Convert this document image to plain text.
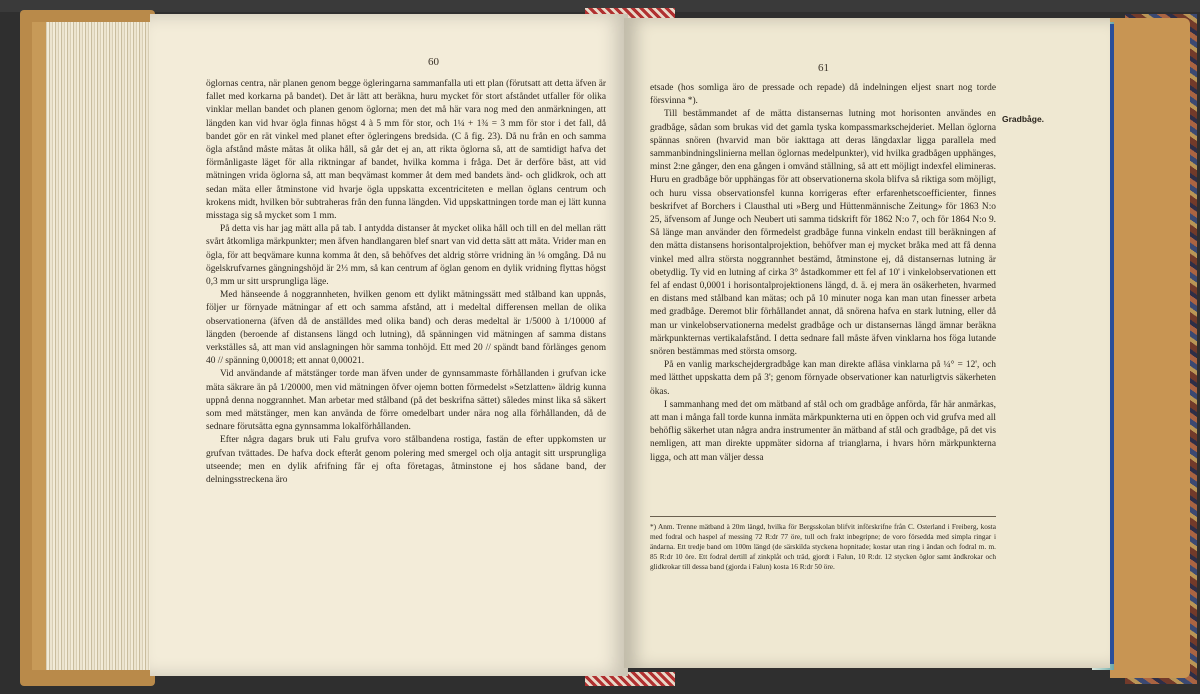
60

öglornas centra, när planen genom begge ögleringarna sammanfalla uti ett plan (förutsatt att detta äfven är fallet med korkarna på bandet). Det är lätt att beräkna, huru mycket för stort afståndet utfaller för olika vinklar mellan bandet och planen genom öglorna; men det må här vara nog med den anmärkningen, att längden kan vid hvar ögla finnas högst 4 à 5 mm för stor, och 1¼ + 1¾ = 3 mm för stor i det fall, då bandet gör en rät vinkel med planet efter ögleringens bredsida. (C å fig. 23). Då nu från en och samma ögla afstånd måste mätas åt olika håll, så går det ej an, att rikta öglorna så, att de samtidigt hafva det förmånligaste läget för alla riktningar af bandet, hvilka komma i fråga. Det är derföre bäst, att vid mätningen vrida öglorna så, att man beqvämast kommer åt dem med bandets änd- och glidkrok, och att sedan mäta eller åtminstone vid hvarje ögla uppskatta excentriciteten e mellan öglans centrum och krokens midt, hvilken bör subtraheras från den funna längden. Vid uppskattningen torde man ej lätt kunna misstaga sig så mycket som 1 mm.

På detta vis har jag mätt alla på tab. I antydda distanser åt mycket olika håll och till en del mellan rätt svårt åtkomliga märkpunkter; men äfven handlangaren blef snart van vid detta sätt att mäta. Vrider man en ögla, för att beqvämare kunna komma åt den, så behöfves det aldrig större vridning än ⅛ omgång. Då nu ögelskrufvarnes gängningshöjd är 2⅓ mm, så kan centrum af öglan genom en dylik vridning flyttas högst 0,3 mm ur sitt ursprungliga läge.

Med hänseende å noggrannheten, hvilken genom ett dylikt mätningssätt med stålband kan uppnås, följer ur förnyade mätningar af ett och samma afstånd, att i medeltal differensen mellan de olika observationerna (äfven då de anställdes med olika band) och deras medeltal är 1/5000 à 1/10000 af längden (beroende af distansens längd och lutning), då spänningen vid mätningen af samma distans verkställes så, att man vid anslagningen hör samma tonhöjd. Ett med 20 // spändt band förlänges genom 40 // spänning 0,00018; ett annat 0,00021.

Vid användande af mätstänger torde man äfven under de gynnsammaste förhållanden i grufvan icke mäta säkrare än på 1/20000, men vid mätningen öfver ojemn botten förmedelst »Setzlatten» äldrig kunna uppnå denna noggrannhet. Man arbetar med stålband (på det beskrifna sättet) således minst lika så säkert som med mätstänger, men kan använda de förre omedelbart under nära nog alla förhållanden, då de sednare förutsätta egna gynnsamma lokalförhållanden.

Efter några dagars bruk uti Falu grufva voro stålbandena rostiga, fastän de efter uppkomsten ur grufvan tvättades. De hafva dock efteråt genom polering med smergel och olja antagit sitt ursprungliga utseende; men en dylik afrifning får ej ofta företagas, åtminstone ej hos sådane band, der delningsstreckena äro

61
Gradbåge.

etsade (hos somliga äro de pressade och repade) då indelningen eljest snart nog torde försvinna *).

Till bestämmandet af de mätta distansernas lutning mot horisonten användes en gradbåge, sådan som brukas vid det gamla tyska kompassmarkschejderiet. Mellan öglorna spännas snören (hvarvid man bör iakttaga att deras längdaxlar ligga parallela med sammanbindningslinierna mellan öglornas medelpunkter), vid hvilka gradbågen upphänges, minst 2:ne gånger, den ena gången i omvänd ställning, så att ett möjligt indexfel elimineras. Huru en gradbåge bör upphängas för att observationerna skola blifva så riktiga som möjligt, och huru vissa observationsfel kunna korrigeras efter erfarenhetscoefficienter, finnes beskrifvet af Borchers i Clausthal uti »Berg und Hüttenmännische Zeitung» för 1863 N:o 25, äfvensom af Junge och Neubert uti samma tidskrift för 1862 N:o 7, och för 1864 N:o 9. Så länge man använder den förmedelst gradbåge funna vinkeln endast till beräkningen af den mätta distansens horisontalprojektion, behöfver man ej mycket bråka med att få denna vinkel med allra största noggrannhet bestämd, åtminstone ej, då distansernas lutning är obetydlig. Ty vid en lutning af cirka 3° åstadkommer ett fel af 10' i vinkelobservationen ett fel af endast 0,0001 i horisontalprojektionens längd, d. ä. ej mera än osäkerheten, hvarmed en distans med stålband kan mätas; och på 10 minuter noga kan man utan finesser arbeta med gradbåge. Deremot blir förhållandet annat, då snörena hafva en stark lutning, eller då man ur vinkelobservationerna medelst gradbåge och ur distansernas längd ämnar beräkna märkpunkternas vertikalafstånd. I detta sednare fall måste äfven vinklarna hos föga lutande snören bestämmas med största omsorg.

På en vanlig markschejdergradbåge kan man direkte afläsa vinklarna på ¼° = 12', och med lätthet uppskatta dem på 3'; genom förnyade observationer kan naturligtvis säkerheten ökas.

I sammanhang med det om mätband af stål och om gradbåge anförda, får här anmärkas, att man i många fall torde kunna inmäta märkpunkterna uti en öppen och vid grufva med all behöflig säkerhet utan några andra instrumenter än mätband af stål och gradbåge, på det vis nemligen, att man direkte uppmäter sidorna af trianglarna, i hvars hörn märkpunkterna ligga, och att man väljer dessa

*) Anm. Trenne mätband à 20m längd, hvilka för Bergsskolan blifvit införskrifne från C. Osterland i Freiberg, kosta med fodral och haspel af messing 72 R:dr 77 öre, tull och frakt inbegripne; de voro försedda med simpla ringar i ändarna. Ett tredje band om 100m längd (de särskilda styckena hopnitade; kostar utan ring i ändan och fodral m. m. 85 R:dr 10 öre. Ett fodral dertill af zinkplåt och träd, gjordt i Falun, 10 R:dr. 12 stycken öglor samt ändkrokar och glidkrokar till dessa band (gjorda i Falun) kosta 16 R:dr 50 öre.
